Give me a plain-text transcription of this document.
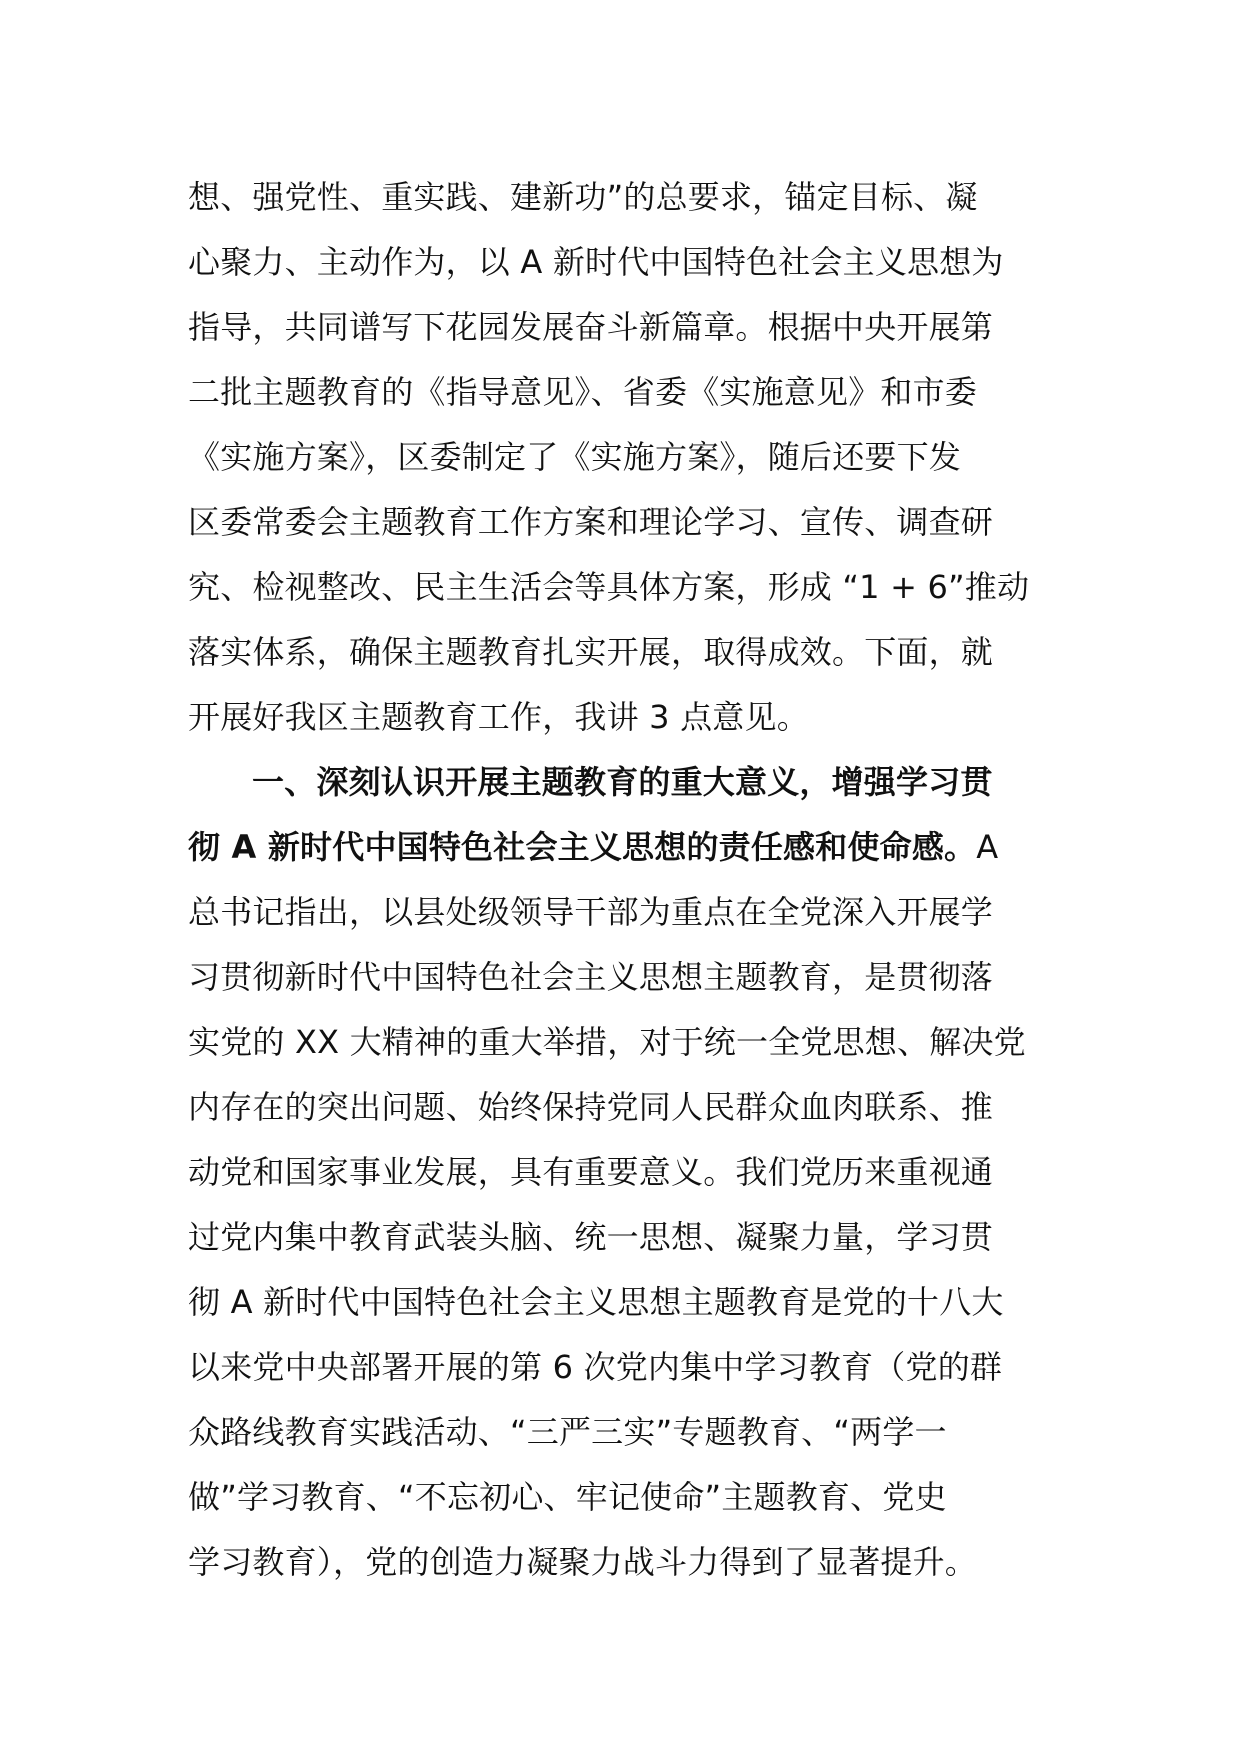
想、强党性、重实践、建新功”的总要求，锚定目标、凝
心聚力、主动作为，以 A 新时代中国特色社会主义思想为
指导，共同谱写下花园发展奋斗新篇章。根据中央开展第
二批主题教育的《指导意见》、省委《实施意见》和市委
《实施方案》，区委制定了《实施方案》，随后还要下发
区委常委会主题教育工作方案和理论学习、宣传、调查研
究、检视整改、民主生活会等具体方案，形成 “1 + 6”推动
落实体系，确保主题教育扎实开展，取得成效。下面，就
开展好我区主题教育工作，我讲 3 点意见。
一、深刻认识开展主题教育的重大意义，增强学习贯
彻 A 新时代中国特色社会主义思想的责任感和使命感。A
总书记指出，以县处级领导干部为重点在全党深入开展学
习贯彻新时代中国特色社会主义思想主题教育，是贯彻落
实党的 XX 大精神的重大举措，对于统一全党思想、解决党
内存在的突出问题、始终保持党同人民群众血肉联系、推
动党和国家事业发展，具有重要意义。我们党历来重视通
过党内集中教育武装头脑、统一思想、凝聚力量，学习贯
彻 A 新时代中国特色社会主义思想主题教育是党的十八大
以来党中央部署开展的第 6 次党内集中学习教育（党的群
众路线教育实践活动、“三严三实”专题教育、“两学一
做”学习教育、“不忘初心、牢记使命”主题教育、党史
学习教育），党的创造力凝聚力战斗力得到了显著提升。
